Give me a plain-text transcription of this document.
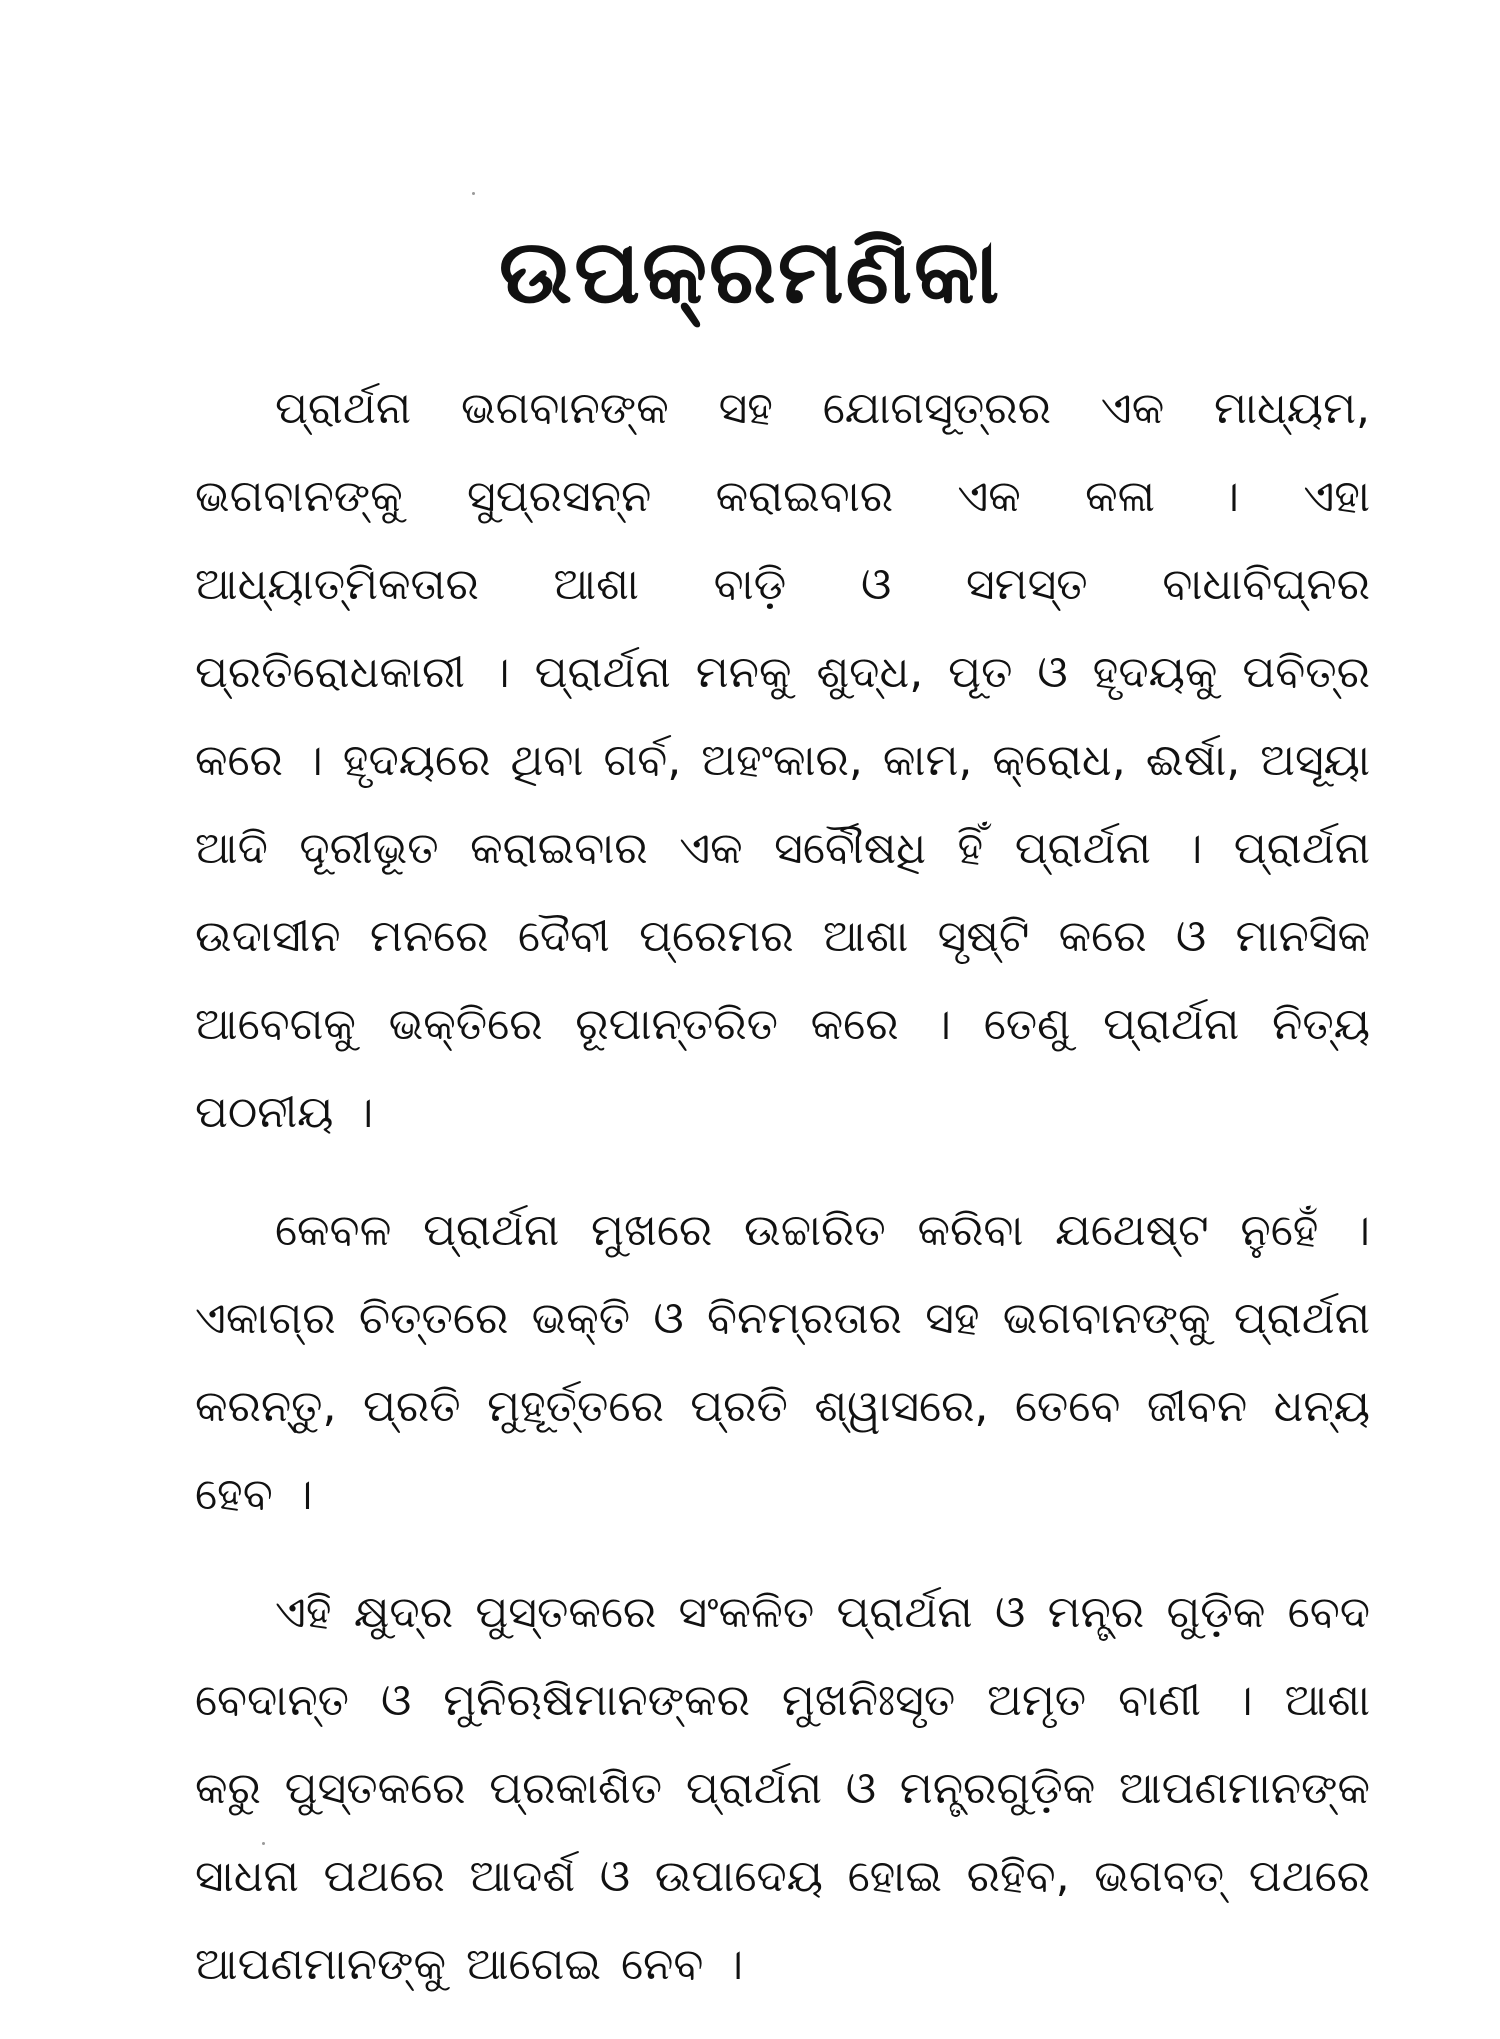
ଉପକ୍ରମଣିକା

ପ୍ରାର୍ଥନା ଭଗବାନଙ୍କ ସହ ଯୋଗସୂତ୍ରର ଏକ ମାଧ୍ୟମ, ଭଗବାନଙ୍କୁ ସୁପ୍ରସନ୍ନ କରାଇବାର ଏକ କଳା । ଏହା ଆଧ୍ୟାତ୍ମିକତାର ଆଶା ବାଡ଼ି ଓ ସମସ୍ତ ବାଧାବିଘ୍ନର ପ୍ରତିରୋଧକାରୀ । ପ୍ରାର୍ଥନା ମନକୁ ଶୁଦ୍ଧ, ପୂତ ଓ ହୃଦୟକୁ ପବିତ୍ର କରେ । ହୃଦୟରେ ଥିବା ଗର୍ବ, ଅହଂକାର, କାମ, କ୍ରୋଧ, ଈର୍ଷା, ଅସୂୟା ଆଦି ଦୂରୀଭୂତ କରାଇବାର ଏକ ସର୍ବୌଷଧି ହିଁ ପ୍ରାର୍ଥନା । ପ୍ରାର୍ଥନା ଉଦାସୀନ ମନରେ ଦୈବୀ ପ୍ରେମର ଆଶା ସୃଷ୍ଟି କରେ ଓ ମାନସିକ ଆବେଗକୁ ଭକ୍ତିରେ ରୂପାନ୍ତରିତ କରେ । ତେଣୁ ପ୍ରାର୍ଥନା ନିତ୍ୟ ପଠନୀୟ ।

କେବଳ ପ୍ରାର୍ଥନା ମୁଖରେ ଉଚ୍ଚାରିତ କରିବା ଯଥେଷ୍ଟ ନୁହେଁ । ଏକାଗ୍ର ଚିତ୍ତରେ ଭକ୍ତି ଓ ବିନମ୍ରତାର ସହ ଭଗବାନଙ୍କୁ ପ୍ରାର୍ଥନା କରନ୍ତୁ, ପ୍ରତି ମୁହୂର୍ତ୍ତରେ ପ୍ରତି ଶ୍ୱାସରେ, ତେବେ ଜୀବନ ଧନ୍ୟ ହେବ ।

ଏହି କ୍ଷୁଦ୍ର ପୁସ୍ତକରେ ସଂକଳିତ ପ୍ରାର୍ଥନା ଓ ମନ୍ତ୍ର ଗୁଡ଼ିକ ବେଦ ବେଦାନ୍ତ ଓ ମୁନିଋଷିମାନଙ୍କର ମୁଖନିଃସୃତ ଅମୃତ ବାଣୀ । ଆଶା କରୁ ପୁସ୍ତକରେ ପ୍ରକାଶିତ ପ୍ରାର୍ଥନା ଓ ମନ୍ତ୍ରଗୁଡ଼ିକ ଆପଣମାନଙ୍କ ସାଧନା ପଥରେ ଆଦର୍ଶ ଓ ଉପାଦେୟ ହୋଇ ରହିବ, ଭଗବତ୍ ପଥରେ ଆପଣମାନଙ୍କୁ ଆଗେଇ ନେବ ।
